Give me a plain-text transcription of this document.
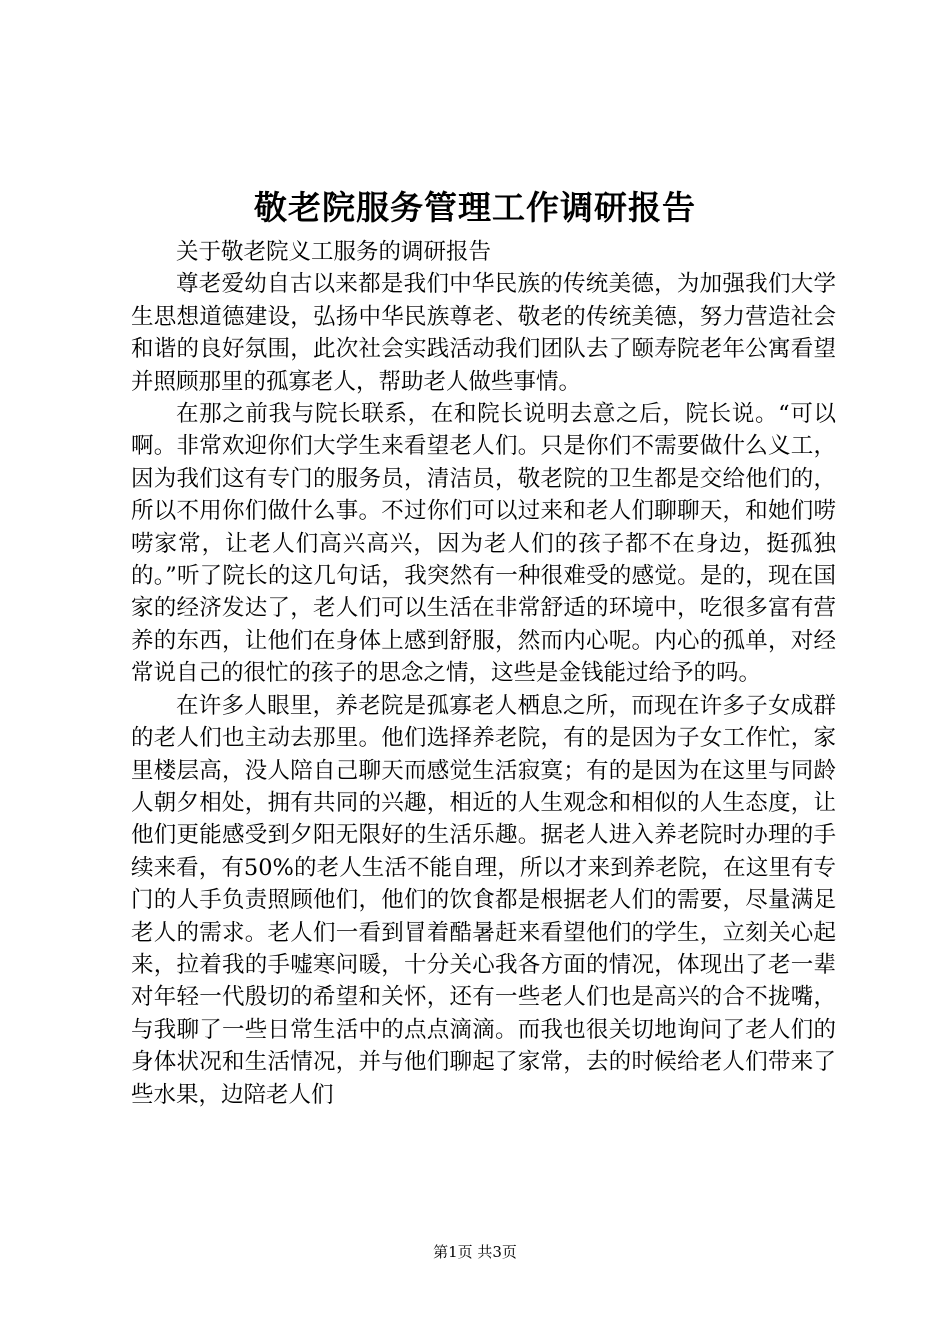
敬老院服务管理工作调研报告

关于敬老院义工服务的调研报告

尊老爱幼自古以来都是我们中华民族的传统美德，为加强我们大学生思想道德建设，弘扬中华民族尊老、敬老的传统美德，努力营造社会和谐的良好氛围，此次社会实践活动我们团队去了颐寿院老年公寓看望并照顾那里的孤寡老人，帮助老人做些事情。

在那之前我与院长联系，在和院长说明去意之后，院长说。“可以啊。非常欢迎你们大学生来看望老人们。只是你们不需要做什么义工，因为我们这有专门的服务员，清洁员，敬老院的卫生都是交给他们的，所以不用你们做什么事。不过你们可以过来和老人们聊聊天，和她们唠唠家常，让老人们高兴高兴，因为老人们的孩子都不在身边，挺孤独的。”听了院长的这几句话，我突然有一种很难受的感觉。是的，现在国家的经济发达了，老人们可以生活在非常舒适的环境中，吃很多富有营养的东西，让他们在身体上感到舒服，然而内心呢。内心的孤单，对经常说自己的很忙的孩子的思念之情，这些是金钱能过给予的吗。

在许多人眼里，养老院是孤寡老人栖息之所，而现在许多子女成群的老人们也主动去那里。他们选择养老院，有的是因为子女工作忙，家里楼层高，没人陪自己聊天而感觉生活寂寞；有的是因为在这里与同龄人朝夕相处，拥有共同的兴趣，相近的人生观念和相似的人生态度，让他们更能感受到夕阳无限好的生活乐趣。据老人进入养老院时办理的手续来看，有50%的老人生活不能自理，所以才来到养老院，在这里有专门的人手负责照顾他们，他们的饮食都是根据老人们的需要，尽量满足老人的需求。老人们一看到冒着酷暑赶来看望他们的学生，立刻关心起来，拉着我的手嘘寒问暖，十分关心我各方面的情况，体现出了老一辈对年轻一代殷切的希望和关怀，还有一些老人们也是高兴的合不拢嘴，与我聊了一些日常生活中的点点滴滴。而我也很关切地询问了老人们的身体状况和生活情况，并与他们聊起了家常，去的时候给老人们带来了些水果，边陪老人们

第1页 共3页
